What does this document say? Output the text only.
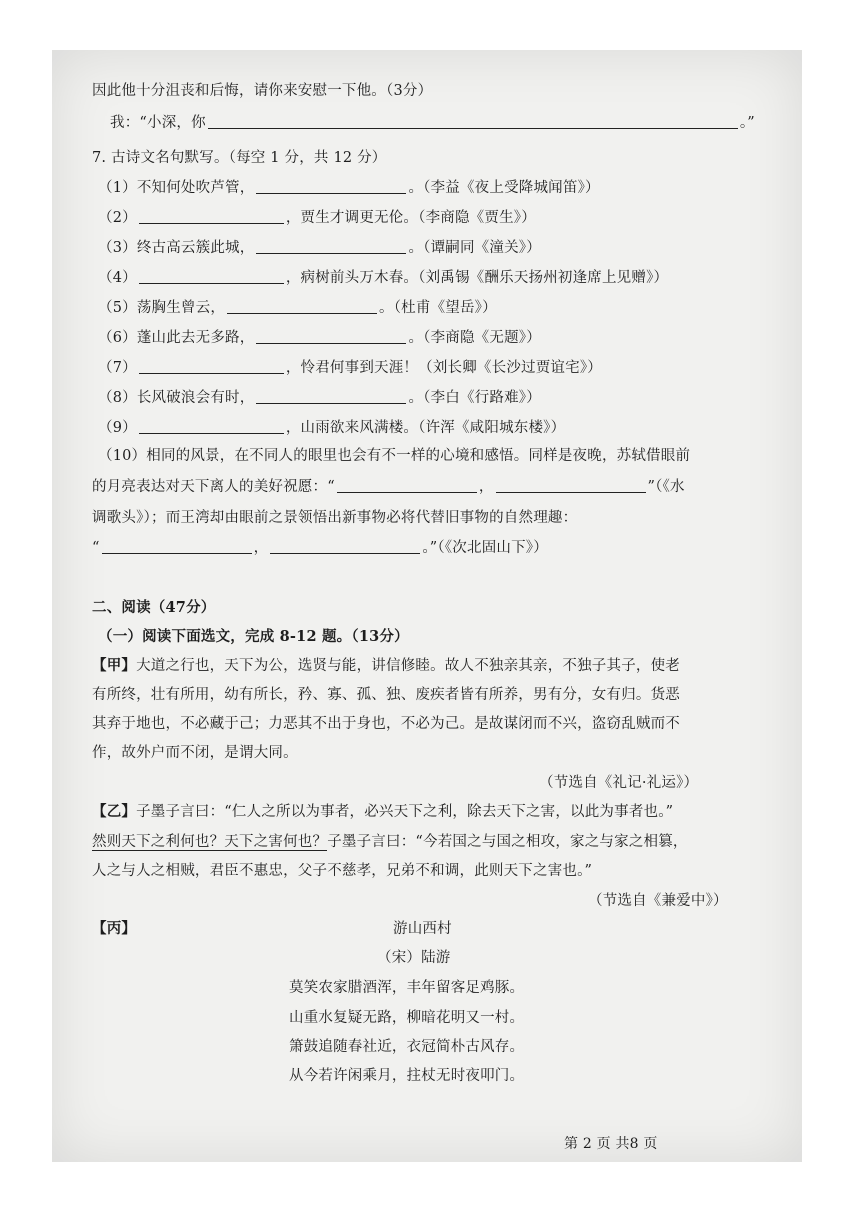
因此他十分沮丧和后悔，请你来安慰一下他。（3分）
我：“小深，你	。”
7. 古诗文名句默写。（每空 1 分，共 12 分）
（1）不知何处吹芦管，	。（李益《夜上受降城闻笛》）
（2）	，贾生才调更无伦。（李商隐《贾生》）
（3）终古高云簇此城，	。（谭嗣同《潼关》）
（4）	，病树前头万木春。（刘禹锡《酬乐天扬州初逢席上见赠》）
（5）荡胸生曾云，	。（杜甫《望岳》）
（6）蓬山此去无多路，	。（李商隐《无题》）
（7）	，怜君何事到天涯！（刘长卿《长沙过贾谊宅》）
（8）长风破浪会有时，	。（李白《行路难》）
（9）	，山雨欲来风满楼。（许浑《咸阳城东楼》）
（10）相同的风景，在不同人的眼里也会有不一样的心境和感悟。同样是夜晚，苏轼借眼前
的月亮表达对天下离人的美好祝愿：“	，	”（《水
调歌头》）；而王湾却由眼前之景领悟出新事物必将代替旧事物的自然理趣：
“	，	。”（《次北固山下》）
二、阅读（47分）
（一）阅读下面选文，完成 8-12 题。（13分）
【甲】大道之行也，天下为公，选贤与能，讲信修睦。故人不独亲其亲，不独子其子，使老
有所终，壮有所用，幼有所长，矜、寡、孤、独、废疾者皆有所养，男有分，女有归。货恶
其弃于地也，不必藏于己；力恶其不出于身也，不必为己。是故谋闭而不兴，盗窃乱贼而不
作，故外户而不闭，是谓大同。
（节选自《礼记·礼运》）
【乙】子墨子言曰：“仁人之所以为事者，必兴天下之利，除去天下之害，以此为事者也。”
然则天下之利何也？天下之害何也？子墨子言曰：“今若国之与国之相攻，家之与家之相篡，
人之与人之相贼，君臣不惠忠，父子不慈孝，兄弟不和调，此则天下之害也。”
（节选自《兼爱中》）
【丙】	游山西村
（宋）陆游
莫笑农家腊酒浑，丰年留客足鸡豚。
山重水复疑无路，柳暗花明又一村。
箫鼓追随春社近，衣冠简朴古风存。
从今若许闲乘月，拄杖无时夜叩门。
第 2 页 共8 页
